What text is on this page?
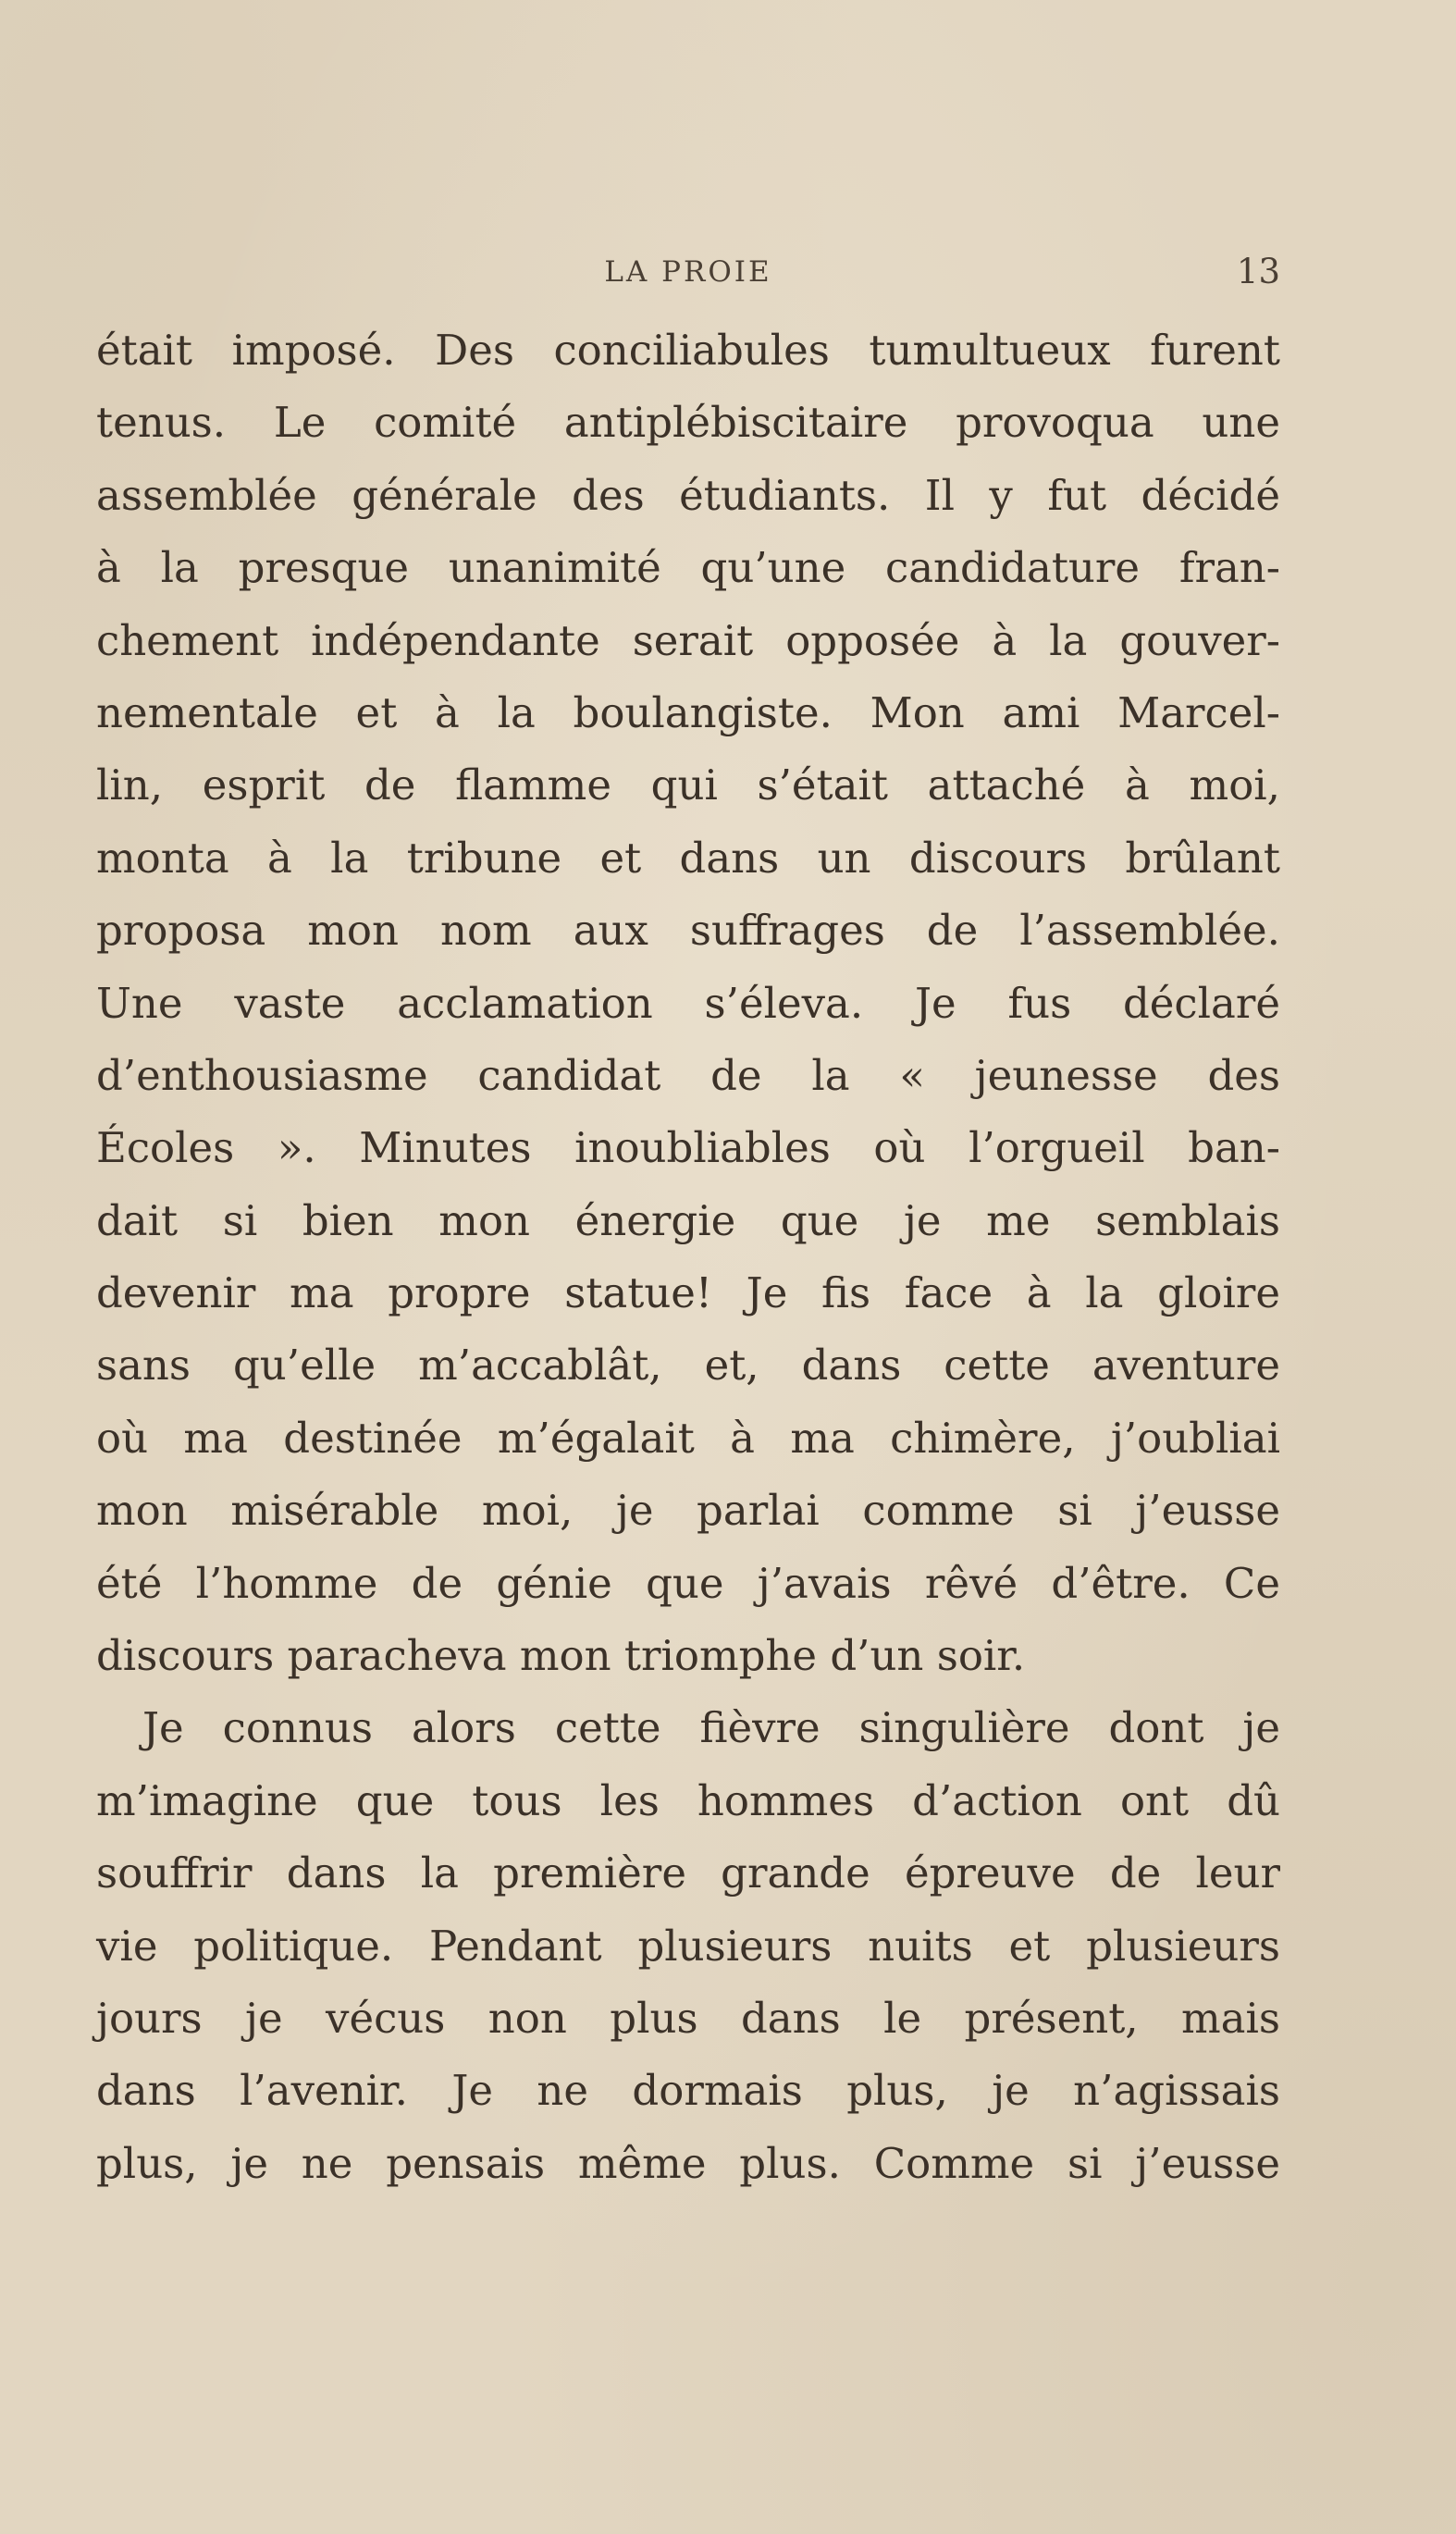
LA PROIE	13
était imposé. Des conciliabules tumultueux furent
tenus. Le comité antiplébiscitaire provoqua une
assemblée générale des étudiants. Il y fut décidé
à la presque unanimité qu’une candidature fran-
chement indépendante serait opposée à la gouver-
nementale et à la boulangiste. Mon ami Marcel-
lin, esprit de flamme qui s’était attaché à moi,
monta à la tribune et dans un discours brûlant
proposa mon nom aux suffrages de l’assemblée.
Une vaste acclamation s’éleva. Je fus déclaré
d’enthousiasme candidat de la « jeunesse des
Écoles ». Minutes inoubliables où l’orgueil ban-
dait si bien mon énergie que je me semblais
devenir ma propre statue! Je fis face à la gloire
sans qu’elle m’accablât, et, dans cette aventure
où ma destinée m’égalait à ma chimère, j’oubliai
mon misérable moi, je parlai comme si j’eusse
été l’homme de génie que j’avais rêvé d’être. Ce
discours paracheva mon triomphe d’un soir.
Je connus alors cette fièvre singulière dont je
m’imagine que tous les hommes d’action ont dû
souffrir dans la première grande épreuve de leur
vie politique. Pendant plusieurs nuits et plusieurs
jours je vécus non plus dans le présent, mais
dans l’avenir. Je ne dormais plus, je n’agissais
plus, je ne pensais même plus. Comme si j’eusse
